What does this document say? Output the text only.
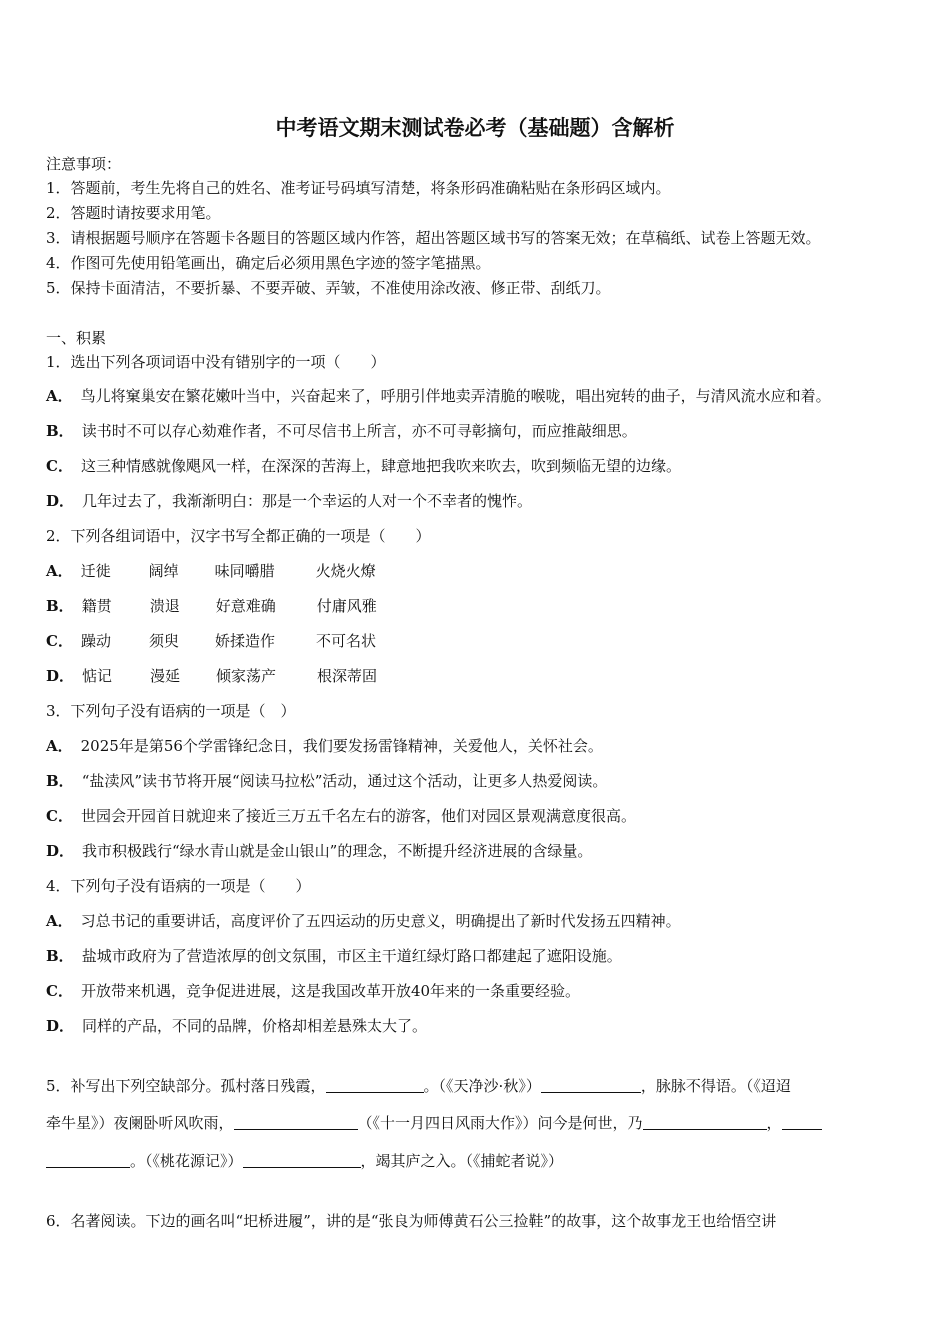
中考语文期末测试卷必考（基础题）含解析
注意事项：
1．答题前，考生先将自己的姓名、准考证号码填写清楚，将条形码准确粘贴在条形码区域内。
2．答题时请按要求用笔。
3．请根据题号顺序在答题卡各题目的答题区域内作答，超出答题区域书写的答案无效；在草稿纸、试卷上答题无效。
4．作图可先使用铅笔画出，确定后必须用黑色字迹的签字笔描黑。
5．保持卡面清洁，不要折暴、不要弄破、弄皱，不准使用涂改液、修正带、刮纸刀。
一、积累
1．选出下列各项词语中没有错别字的一项（　　）
A． 鸟儿将窠巢安在繁花嫩叶当中，兴奋起来了，呼朋引伴地卖弄清脆的喉咙，唱出宛转的曲子，与清风流水应和着。
B． 读书时不可以存心劾难作者，不可尽信书上所言，亦不可寻彰摘句，而应推敲细思。
C． 这三种情感就像飓风一样，在深深的苦海上，肆意地把我吹来吹去，吹到频临无望的边缘。
D． 几年过去了，我渐渐明白：那是一个幸运的人对一个不幸者的愧怍。
2．下列各组词语中，汉字书写全都正确的一项是（　　）
A． 迁徙	阔绰 味同嚼腊	火烧火燎
B． 籍贯	溃退 好意难确	付庸风雅
C． 躁动	须臾 娇揉造作	不可名状
D． 惦记	漫延 倾家荡产	根深蒂固
3．下列句子没有语病的一项是（　）
A． 2025年是第56个学雷锋纪念日，我们要发扬雷锋精神，关爱他人，关怀社会。
B． “盐渎风”读书节将开展“阅读马拉松”活动，通过这个活动，让更多人热爱阅读。
C． 世园会开园首日就迎来了接近三万五千名左右的游客，他们对园区景观满意度很高。
D． 我市积极践行“绿水青山就是金山银山”的理念，不断提升经济进展的含绿量。
4．下列句子没有语病的一项是（　　）
A． 习总书记的重要讲话，高度评价了五四运动的历史意义，明确提出了新时代发扬五四精神。
B． 盐城市政府为了营造浓厚的创文氛围，市区主干道红绿灯路口都建起了遮阳设施。
C． 开放带来机遇，竞争促进进展，这是我国改革开放40年来的一条重要经验。
D． 同样的产品，不同的品牌，价格却相差悬殊太大了。
5．补写出下列空缺部分。孤村落日残霞，	。（《天净沙·秋》）	，脉脉不得语。（《迢迢
牵牛星》）夜阑卧听风吹雨，	（《十一月四日风雨大作》）问今是何世，乃	，
。（《桃花源记》）	，竭其庐之入。（《捕蛇者说》）
6．名著阅读。下边的画名叫“圯桥进履”，讲的是“张良为师傅黄石公三捡鞋”的故事，这个故事龙王也给悟空讲
